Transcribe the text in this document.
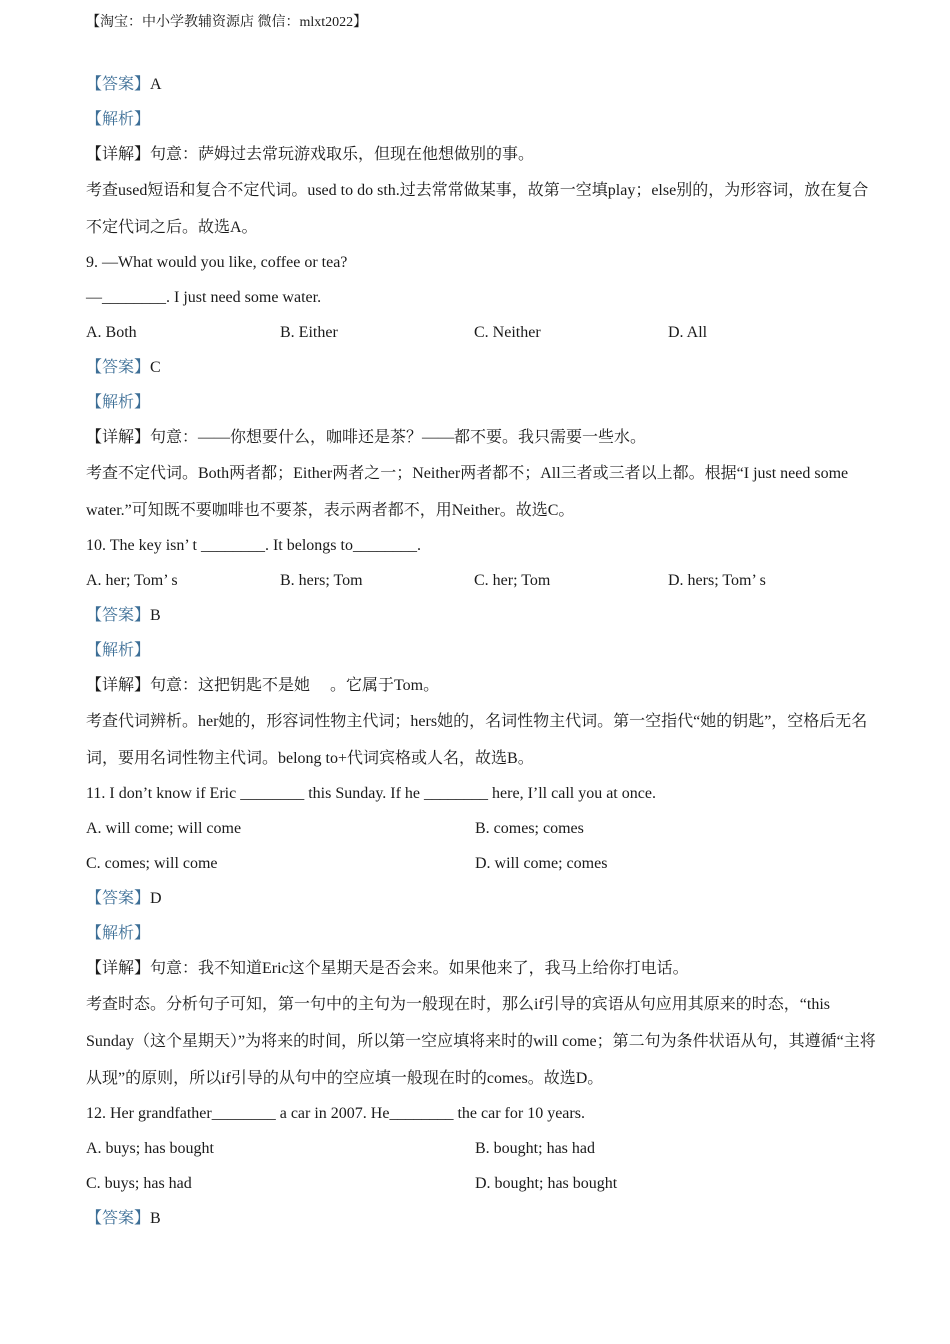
【淘宝：中小学教辅资源店 微信：mlxt2022】
【答案】A
【解析】
【详解】句意：萨姆过去常玩游戏取乐，但现在他想做别的事。
考查used短语和复合不定代词。used to do sth.过去常常做某事，故第一空填play；else别的，为形容词，放在复合不定代词之后。故选A。
9. —What would you like, coffee or tea?
—________. I just need some water.
A. Both	B. Either	C. Neither	D. All
【答案】C
【解析】
【详解】句意：——你想要什么，咖啡还是茶？——都不要。我只需要一些水。
考查不定代词。Both两者都；Either两者之一；Neither两者都不；All三者或三者以上都。根据“I just need some water.”可知既不要咖啡也不要茶，表示两者都不，用Neither。故选C。
10. The key isn’ t ________. It belongs to________.
A. her; Tom’ s	B. hers; Tom	C. her; Tom	D. hers; Tom’ s
【答案】B
【解析】
【详解】句意：这把钥匙不是她     。它属于Tom。
考查代词辨析。her她的，形容词性物主代词；hers她的，名词性物主代词。第一空指代“她的钥匙”，空格后无名词，要用名词性物主代词。belong to+代词宾格或人名，故选B。
11. I don’t know if Eric ________ this Sunday. If he ________ here, I’ll call you at once.
A. will come; will come	B. comes; comes
C. comes; will come	D. will come; comes
【答案】D
【解析】
【详解】句意：我不知道Eric这个星期天是否会来。如果他来了，我马上给你打电话。
考查时态。分析句子可知，第一句中的主句为一般现在时，那么if引导的宾语从句应用其原来的时态，“this Sunday（这个星期天）”为将来的时间，所以第一空应填将来时的will come；第二句为条件状语从句，其遵循“主将从现”的原则，所以if引导的从句中的空应填一般现在时的comes。故选D。
12. Her grandfather________ a car in 2007. He________ the car for 10 years.
A. buys; has bought	B. bought; has had
C. buys; has had	D. bought; has bought
【答案】B
